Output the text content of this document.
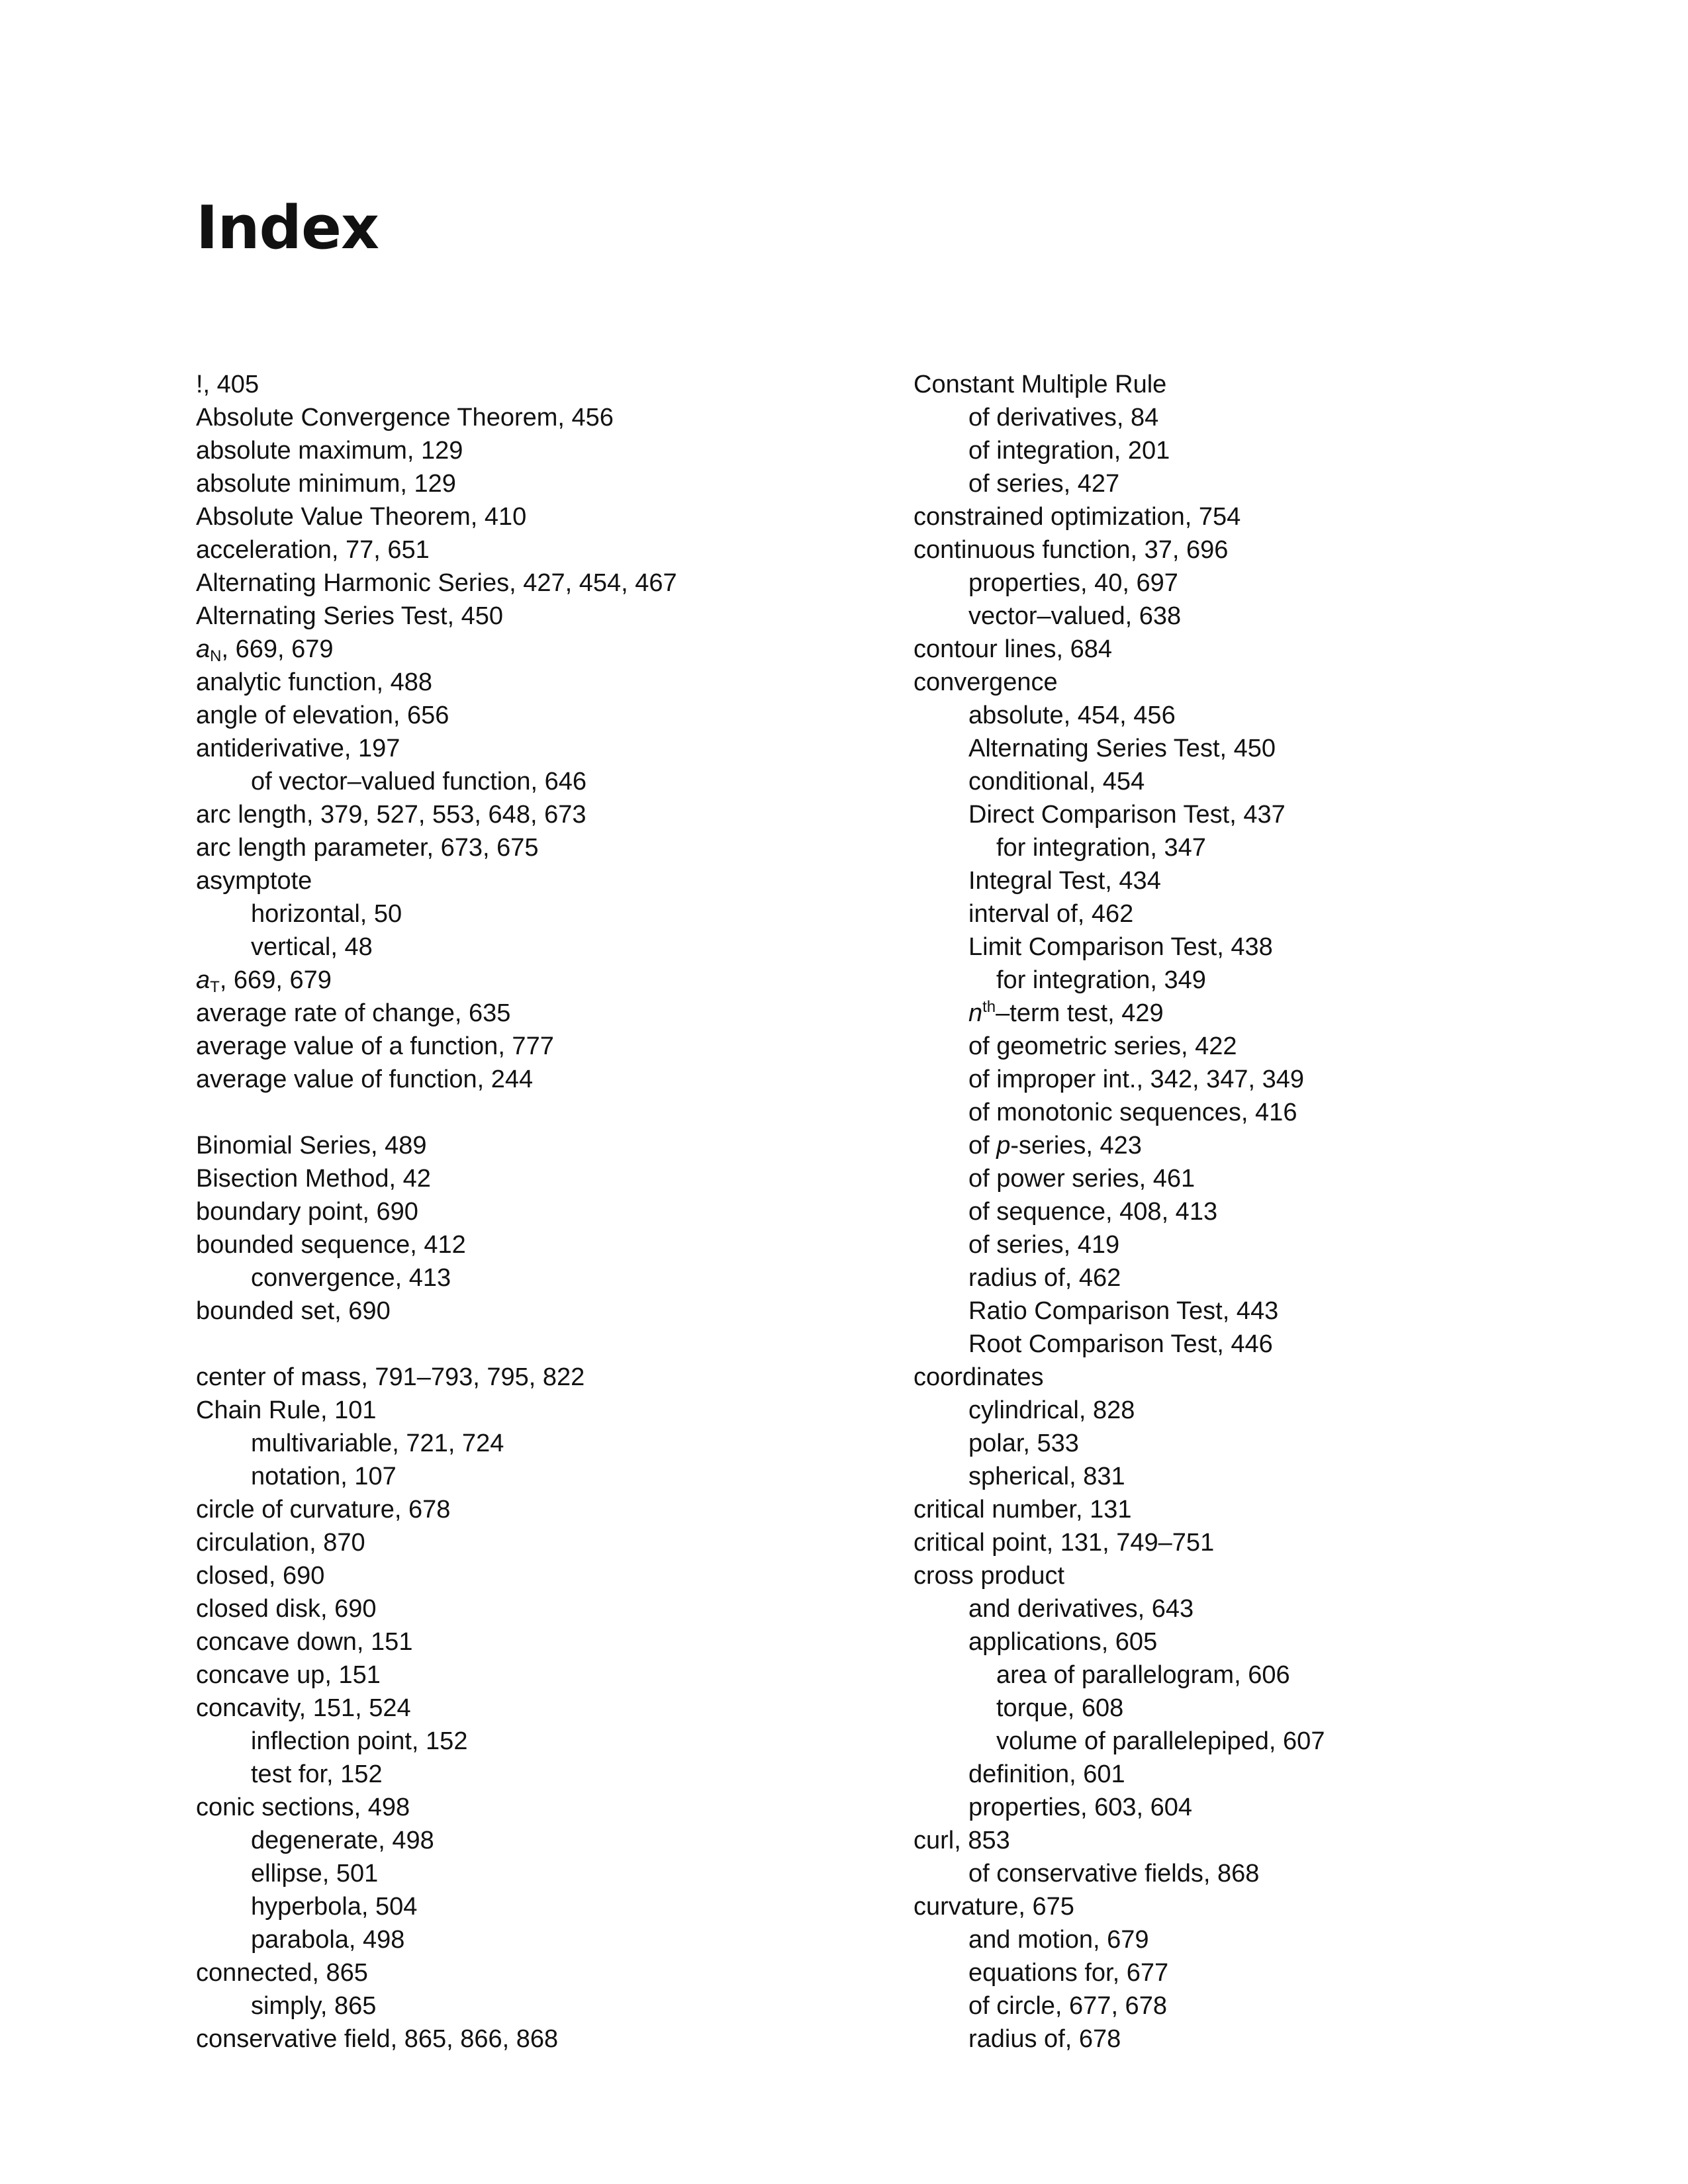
Index
!, 405
Absolute Convergence Theorem, 456
absolute maximum, 129
absolute minimum, 129
Absolute Value Theorem, 410
acceleration, 77, 651
Alternating Harmonic Series, 427, 454, 467
Alternating Series Test, 450
$a_N$, 669, 679
analytic function, 488
angle of elevation, 656
antiderivative, 197
of vector–valued function, 646
arc length, 379, 527, 553, 648, 673
arc length parameter, 673, 675
asymptote
horizontal, 50
vertical, 48
$a_T$, 669, 679
average rate of change, 635
average value of a function, 777
average value of function, 244
Binomial Series, 489
Bisection Method, 42
boundary point, 690
bounded sequence, 412
convergence, 413
bounded set, 690
center of mass, 791–793, 795, 822
Chain Rule, 101
multivariable, 721, 724
notation, 107
circle of curvature, 678
circulation, 870
closed, 690
closed disk, 690
concave down, 151
concave up, 151
concavity, 151, 524
inflection point, 152
test for, 152
conic sections, 498
degenerate, 498
ellipse, 501
hyperbola, 504
parabola, 498
connected, 865
simply, 865
conservative field, 865, 866, 868
Constant Multiple Rule
of derivatives, 84
of integration, 201
of series, 427
constrained optimization, 754
continuous function, 37, 696
properties, 40, 697
vector–valued, 638
contour lines, 684
convergence
absolute, 454, 456
Alternating Series Test, 450
conditional, 454
Direct Comparison Test, 437
for integration, 347
Integral Test, 434
interval of, 462
Limit Comparison Test, 438
for integration, 349
$n^{th}$–term test, 429
of geometric series, 422
of improper int., 342, 347, 349
of monotonic sequences, 416
of p-series, 423
of power series, 461
of sequence, 408, 413
of series, 419
radius of, 462
Ratio Comparison Test, 443
Root Comparison Test, 446
coordinates
cylindrical, 828
polar, 533
spherical, 831
critical number, 131
critical point, 131, 749–751
cross product
and derivatives, 643
applications, 605
area of parallelogram, 606
torque, 608
volume of parallelepiped, 607
definition, 601
properties, 603, 604
curl, 853
of conservative fields, 868
curvature, 675
and motion, 679
equations for, 677
of circle, 677, 678
radius of, 678
